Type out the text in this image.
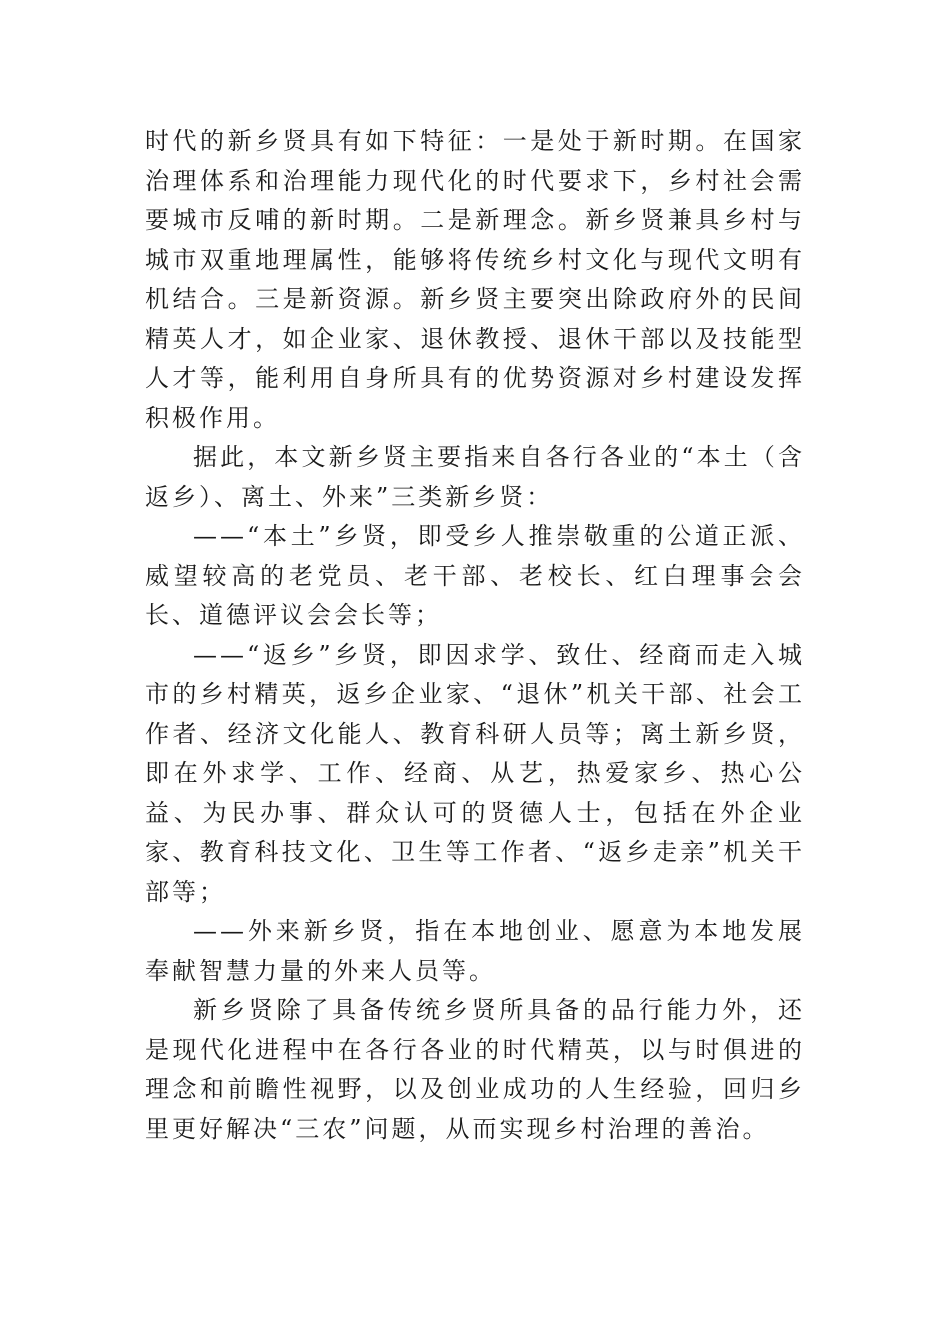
时代的新乡贤具有如下特征：一是处于新时期。在国家治理体系和治理能力现代化的时代要求下，乡村社会需要城市反哺的新时期。二是新理念。新乡贤兼具乡村与城市双重地理属性，能够将传统乡村文化与现代文明有机结合。三是新资源。新乡贤主要突出除政府外的民间精英人才，如企业家、退休教授、退休干部以及技能型人才等，能利用自身所具有的优势资源对乡村建设发挥积极作用。

据此，本文新乡贤主要指来自各行各业的“本土（含返乡）、离土、外来”三类新乡贤：

——“本土”乡贤，即受乡人推崇敬重的公道正派、威望较高的老党员、老干部、老校长、红白理事会会长、道德评议会会长等；

——“返乡”乡贤，即因求学、致仕、经商而走入城市的乡村精英，返乡企业家、“退休”机关干部、社会工作者、经济文化能人、教育科研人员等；离土新乡贤，即在外求学、工作、经商、从艺，热爱家乡、热心公益、为民办事、群众认可的贤德人士，包括在外企业家、教育科技文化、卫生等工作者、“返乡走亲”机关干部等；

——外来新乡贤，指在本地创业、愿意为本地发展奉献智慧力量的外来人员等。

新乡贤除了具备传统乡贤所具备的品行能力外，还是现代化进程中在各行各业的时代精英，以与时俱进的理念和前瞻性视野，以及创业成功的人生经验，回归乡里更好解决“三农”问题，从而实现乡村治理的善治。
